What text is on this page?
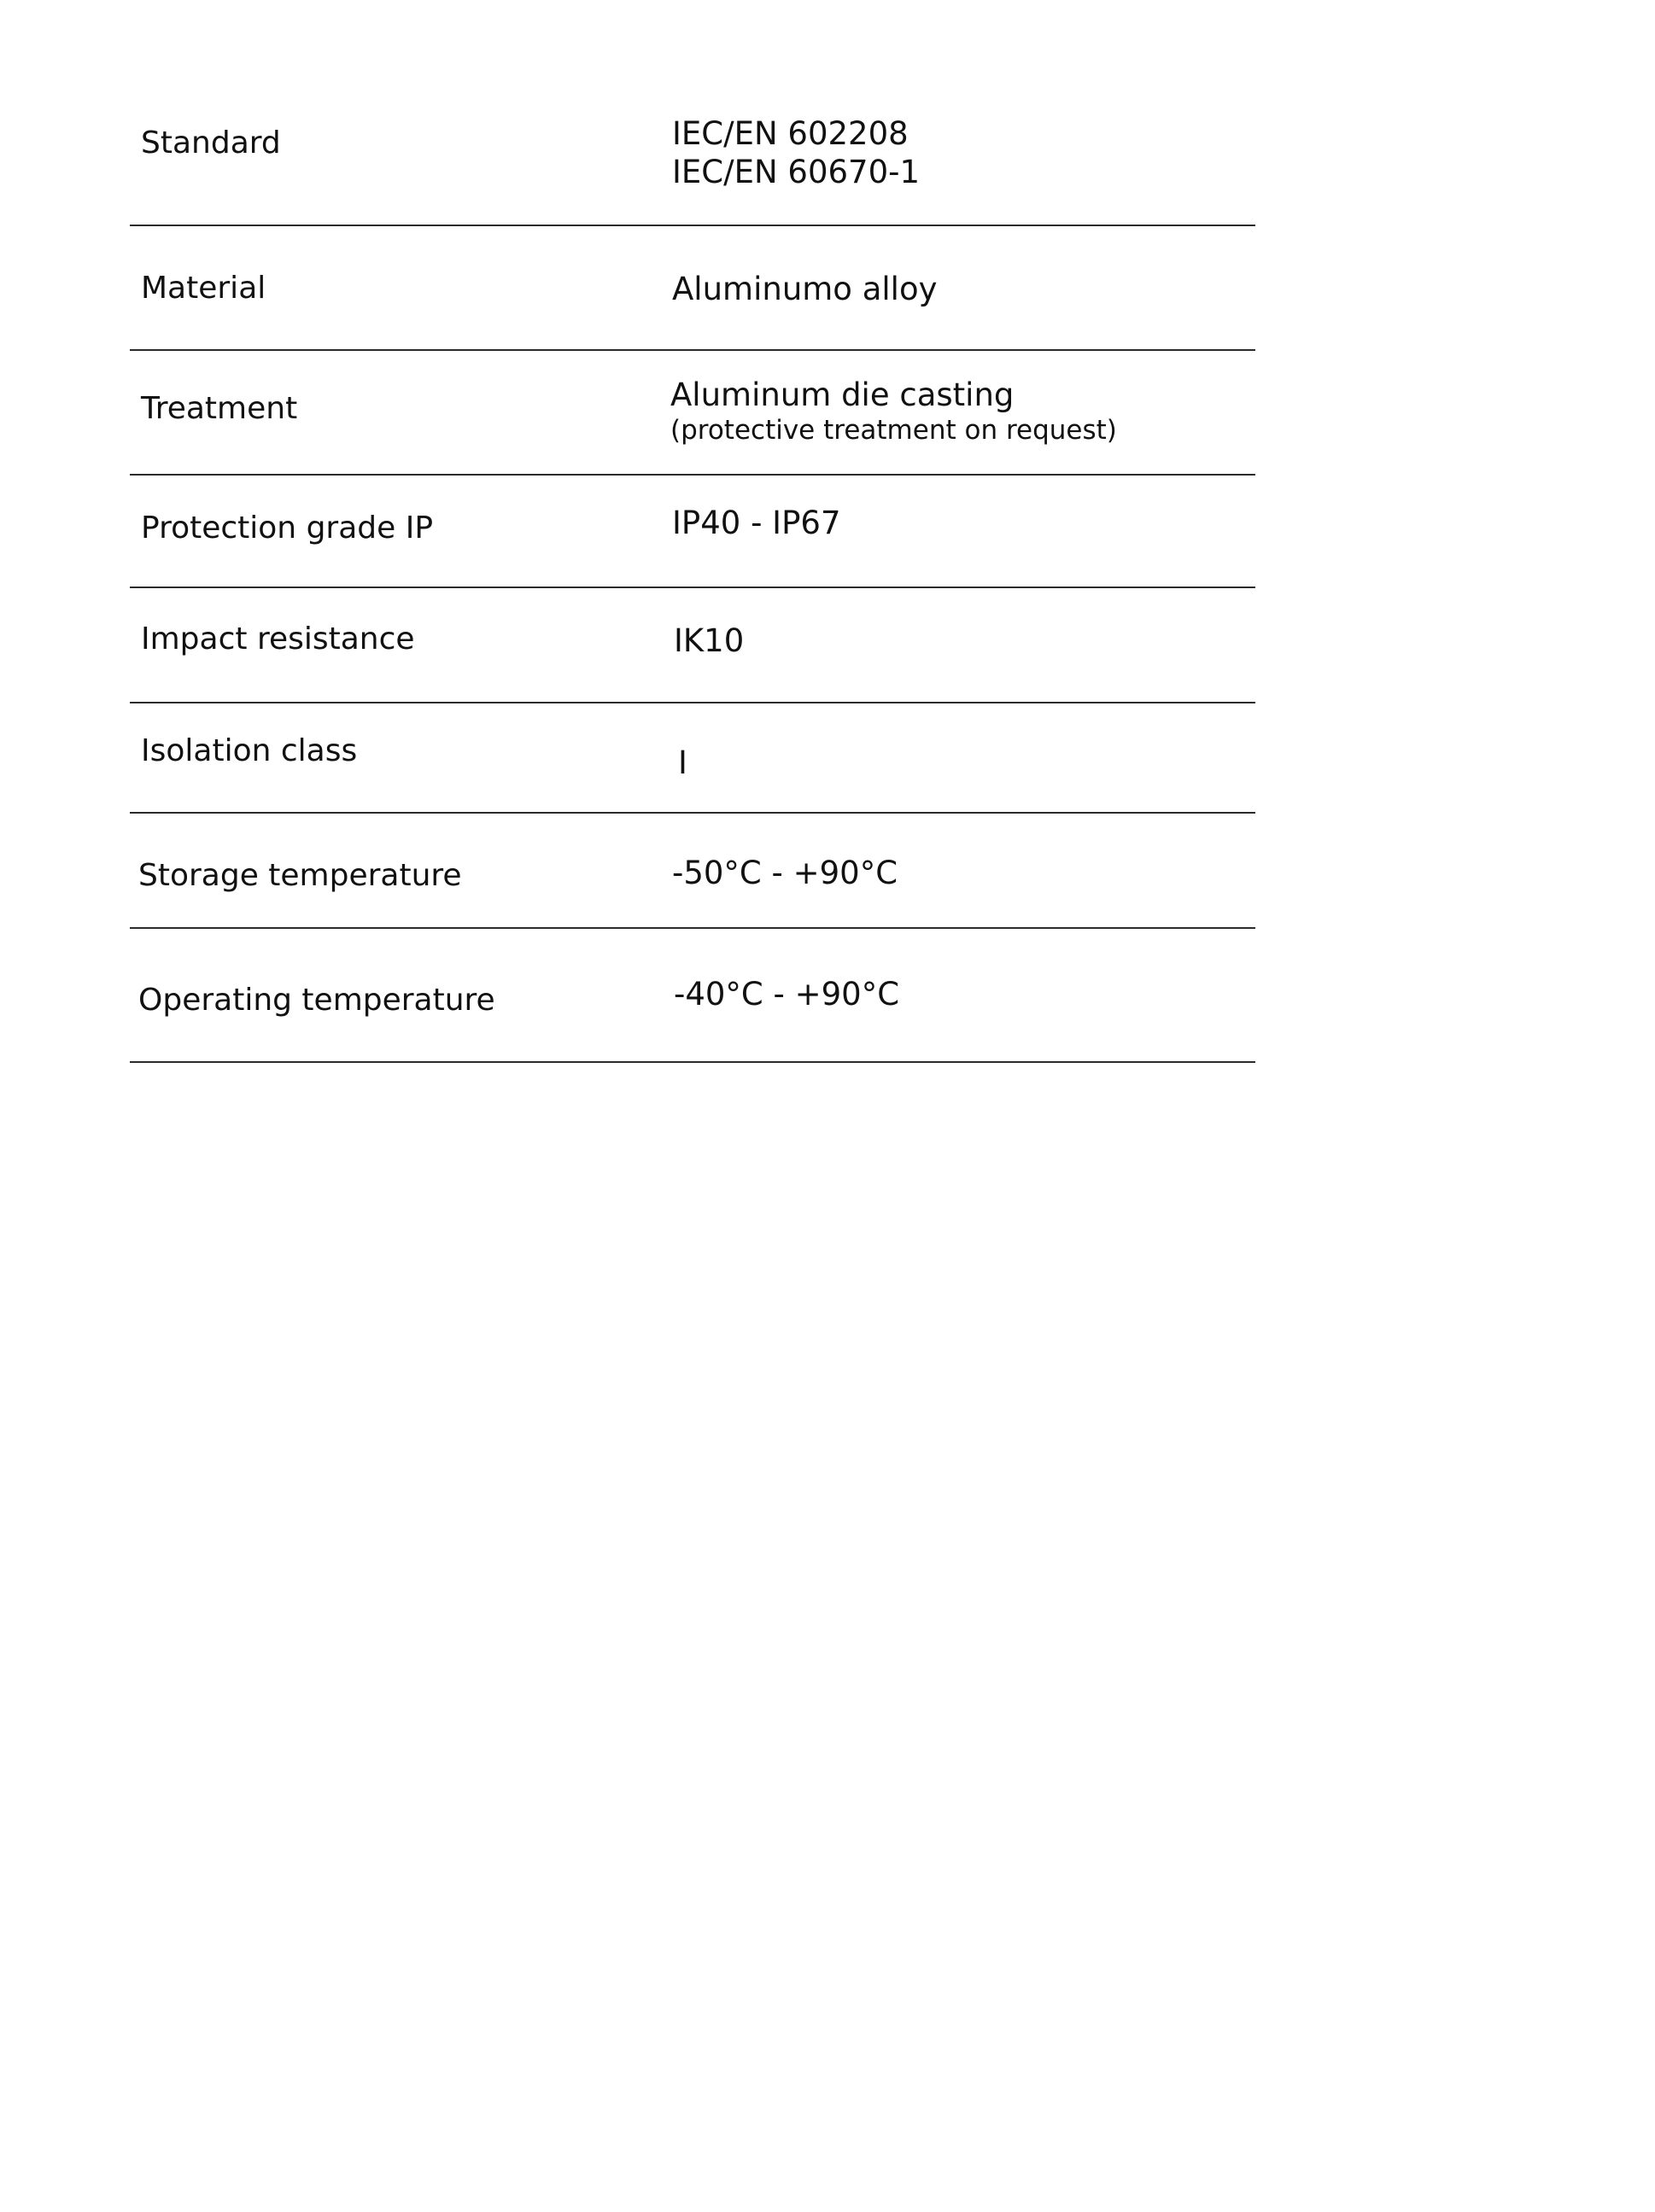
Standard	IEC/EN 602208
IEC/EN 60670-1
Material	Aluminumo alloy
Treatment	Aluminum die casting
(protective treatment on request)
Protection grade IP	IP40 - IP67
Impact resistance	IK10
Isolation class	I
Storage temperature	-50°C - +90°C
Operating temperature	-40°C - +90°C
